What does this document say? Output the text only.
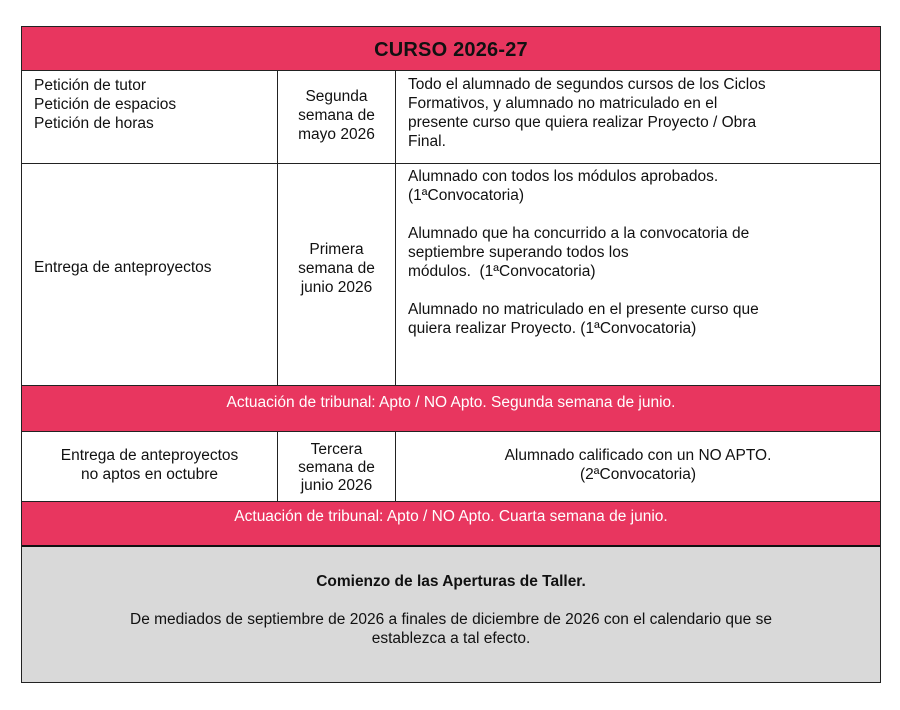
CURSO 2026-27
Petición de tutor
Petición de espacios
Petición de horas
Segunda
semana de
mayo 2026
Todo el alumnado de segundos cursos de los Ciclos
Formativos, y alumnado no matriculado en el
presente curso que quiera realizar Proyecto / Obra
Final.
Entrega de anteproyectos
Primera
semana de
junio 2026

Alumnado con todos los módulos aprobados.
(1ªConvocatoria)

Alumnado que ha concurrido a la convocatoria de
septiembre superando todos los
módulos.  (1ªConvocatoria)

Alumnado no matriculado en el presente curso que
quiera realizar Proyecto. (1ªConvocatoria)

Actuación de tribunal: Apto / NO Apto. Segunda semana de junio.
Entrega de anteproyectos
no aptos en octubre
Tercera
semana de
junio 2026
Alumnado calificado con un NO APTO.
(2ªConvocatoria)
Actuación de tribunal: Apto / NO Apto. Cuarta semana de junio.
Comienzo de las Aperturas de Taller.
De mediados de septiembre de 2026 a finales de diciembre de 2026 con el calendario que se
establezca a tal efecto.
